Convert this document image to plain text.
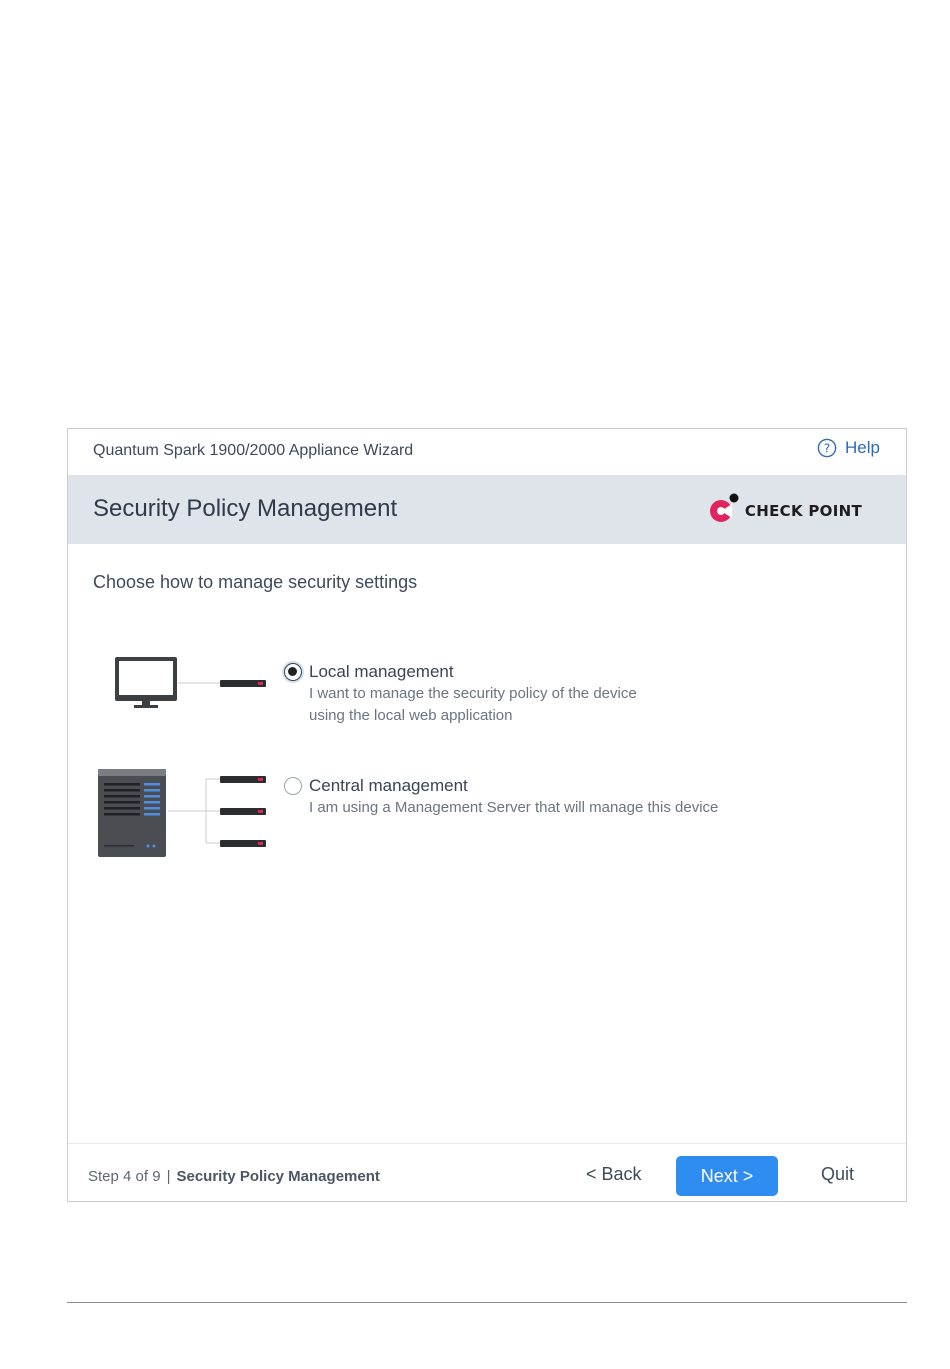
Quantum Spark 1900/2000 Appliance Wizard	? Help
Security Policy Management	CHECK POINT
Choose how to manage security settings
Local management
I want to manage the security policy of the device
using the local web application
Central management
I am using a Management Server that will manage this device
Step 4 of 9 | Security Policy Management	< Back	Next >	Quit
